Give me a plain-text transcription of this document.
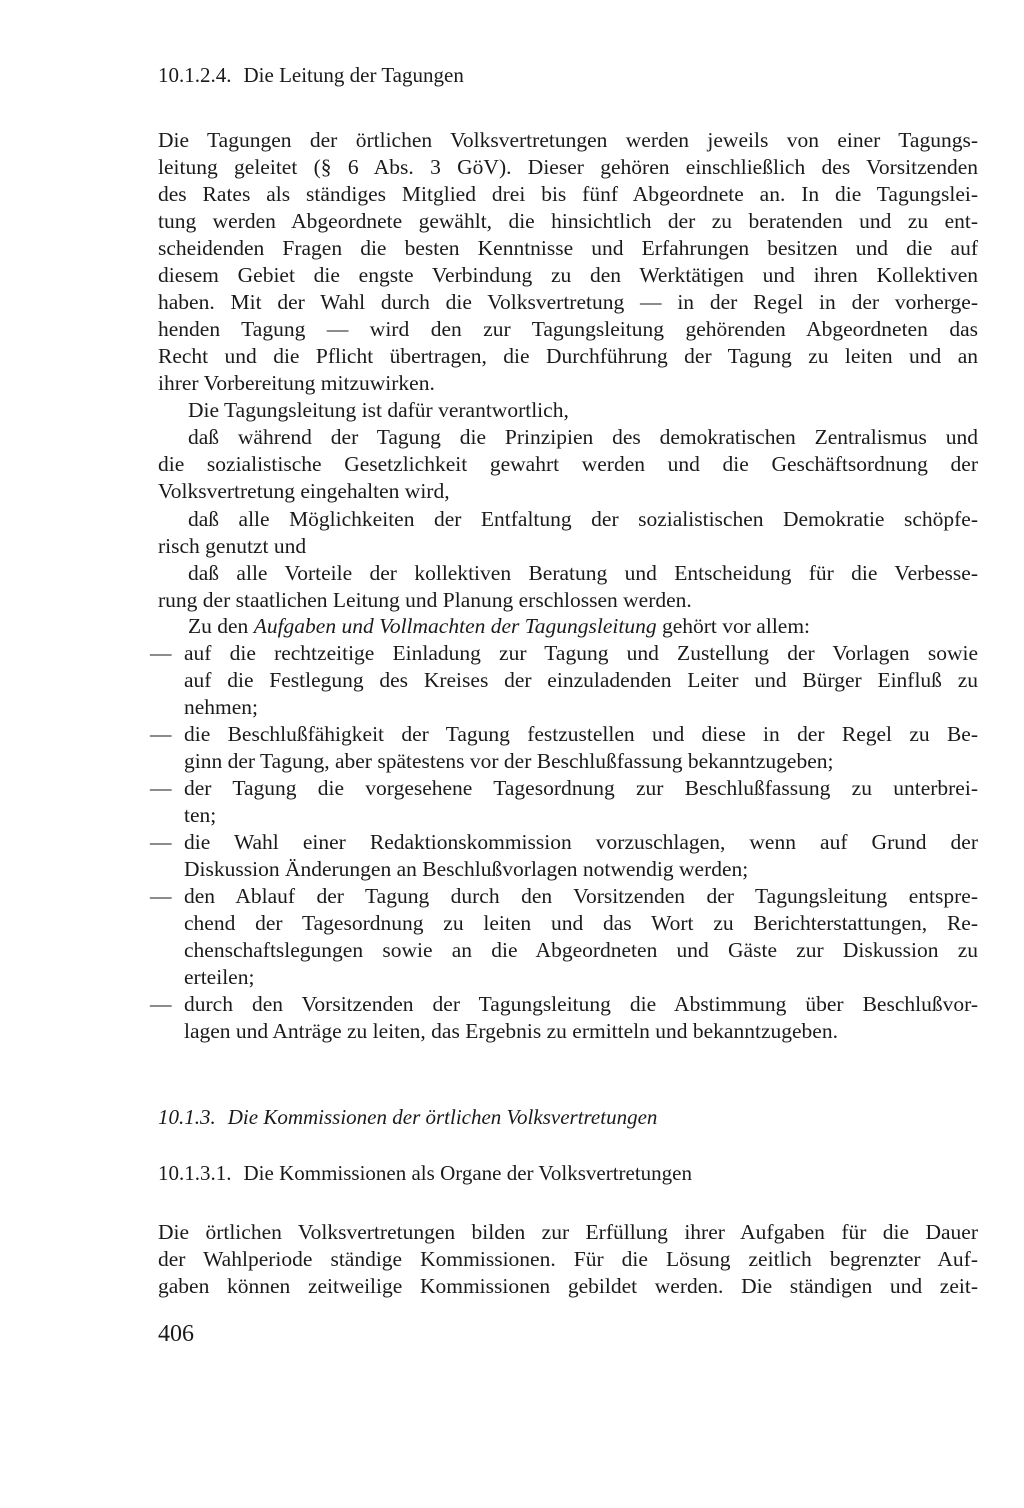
10.1.2.4. Die Leitung der Tagungen
Die Tagungen der örtlichen Volksvertretungen werden jeweils von einer Tagungs-
leitung geleitet (§ 6 Abs. 3 GöV). Dieser gehören einschließlich des Vorsitzenden
des Rates als ständiges Mitglied drei bis fünf Abgeordnete an. In die Tagungslei-
tung werden Abgeordnete gewählt, die hinsichtlich der zu beratenden und zu ent-
scheidenden Fragen die besten Kenntnisse und Erfahrungen besitzen und die auf
diesem Gebiet die engste Verbindung zu den Werktätigen und ihren Kollektiven
haben. Mit der Wahl durch die Volksvertretung — in der Regel in der vorherge-
henden Tagung — wird den zur Tagungsleitung gehörenden Abgeordneten das
Recht und die Pflicht übertragen, die Durchführung der Tagung zu leiten und an
ihrer Vorbereitung mitzuwirken.
Die Tagungsleitung ist dafür verantwortlich,
daß während der Tagung die Prinzipien des demokratischen Zentralismus und
die sozialistische Gesetzlichkeit gewahrt werden und die Geschäftsordnung der
Volksvertretung eingehalten wird,
daß alle Möglichkeiten der Entfaltung der sozialistischen Demokratie schöpfe-
risch genutzt und
daß alle Vorteile der kollektiven Beratung und Entscheidung für die Verbesse-
rung der staatlichen Leitung und Planung erschlossen werden.
Zu den Aufgaben und Vollmachten der Tagungsleitung gehört vor allem:
— auf die rechtzeitige Einladung zur Tagung und Zustellung der Vorlagen sowie
auf die Festlegung des Kreises der einzuladenden Leiter und Bürger Einfluß zu
nehmen;
— die Beschlußfähigkeit der Tagung festzustellen und diese in der Regel zu Be-
ginn der Tagung, aber spätestens vor der Beschlußfassung bekanntzugeben;
— der Tagung die vorgesehene Tagesordnung zur Beschlußfassung zu unterbrei-
ten;
— die Wahl einer Redaktionskommission vorzuschlagen, wenn auf Grund der
Diskussion Änderungen an Beschlußvorlagen notwendig werden;
— den Ablauf der Tagung durch den Vorsitzenden der Tagungsleitung entspre-
chend der Tagesordnung zu leiten und das Wort zu Berichterstattungen, Re-
chenschaftslegungen sowie an die Abgeordneten und Gäste zur Diskussion zu
erteilen;
— durch den Vorsitzenden der Tagungsleitung die Abstimmung über Beschlußvor-
lagen und Anträge zu leiten, das Ergebnis zu ermitteln und bekanntzugeben.
10.1.3. Die Kommissionen der örtlichen Volksvertretungen
10.1.3.1. Die Kommissionen als Organe der Volksvertretungen
Die örtlichen Volksvertretungen bilden zur Erfüllung ihrer Aufgaben für die Dauer
der Wahlperiode ständige Kommissionen. Für die Lösung zeitlich begrenzter Auf-
gaben können zeitweilige Kommissionen gebildet werden. Die ständigen und zeit-
406
